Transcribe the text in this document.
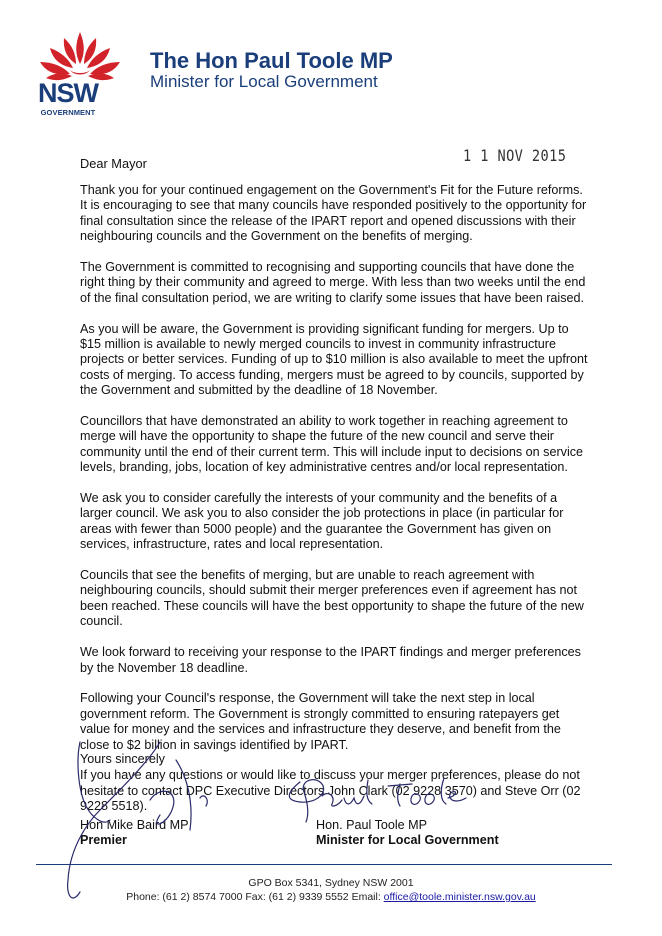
NSW
GOVERNMENT
The Hon Paul Toole MP
Minister for Local Government
1 1 NOV 2015
Dear Mayor

Thank you for your continued engagement on the Government's Fit for the Future reforms. It is encouraging to see that many councils have responded positively to the opportunity for final consultation since the release of the IPART report and opened discussions with their neighbouring councils and the Government on the benefits of merging.

The Government is committed to recognising and supporting councils that have done the right thing by their community and agreed to merge. With less than two weeks until the end of the final consultation period, we are writing to clarify some issues that have been raised.

As you will be aware, the Government is providing significant funding for mergers. Up to $15 million is available to newly merged councils to invest in community infrastructure projects or better services. Funding of up to $10 million is also available to meet the upfront costs of merging. To access funding, mergers must be agreed to by councils, supported by the Government and submitted by the deadline of 18 November.

Councillors that have demonstrated an ability to work together in reaching agreement to merge will have the opportunity to shape the future of the new council and serve their community until the end of their current term. This will include input to decisions on service levels, branding, jobs, location of key administrative centres and/or local representation.

We ask you to consider carefully the interests of your community and the benefits of a larger council. We ask you to also consider the job protections in place (in particular for areas with fewer than 5000 people) and the guarantee the Government has given on services, infrastructure, rates and local representation.

Councils that see the benefits of merging, but are unable to reach agreement with neighbouring councils, should submit their merger preferences even if agreement has not been reached. These councils will have the best opportunity to shape the future of the new council.

We look forward to receiving your response to the IPART findings and merger preferences by the November 18 deadline.

Following your Council's response, the Government will take the next step in local government reform. The Government is strongly committed to ensuring ratepayers get value for money and the services and infrastructure they deserve, and benefit from the close to $2 billion in savings identified by IPART.

If you have any questions or would like to discuss your merger preferences, please do not hesitate to contact DPC Executive Directors John Clark (02 9228 3570) and Steve Orr (02 9228 5518).

Yours sincerely
Hon Mike Baird MP
Premier
Hon. Paul Toole MP
Minister for Local Government
GPO Box 5341, Sydney NSW 2001
Phone: (61 2) 8574 7000 Fax: (61 2) 9339 5552 Email: office@toole.minister.nsw.gov.au
